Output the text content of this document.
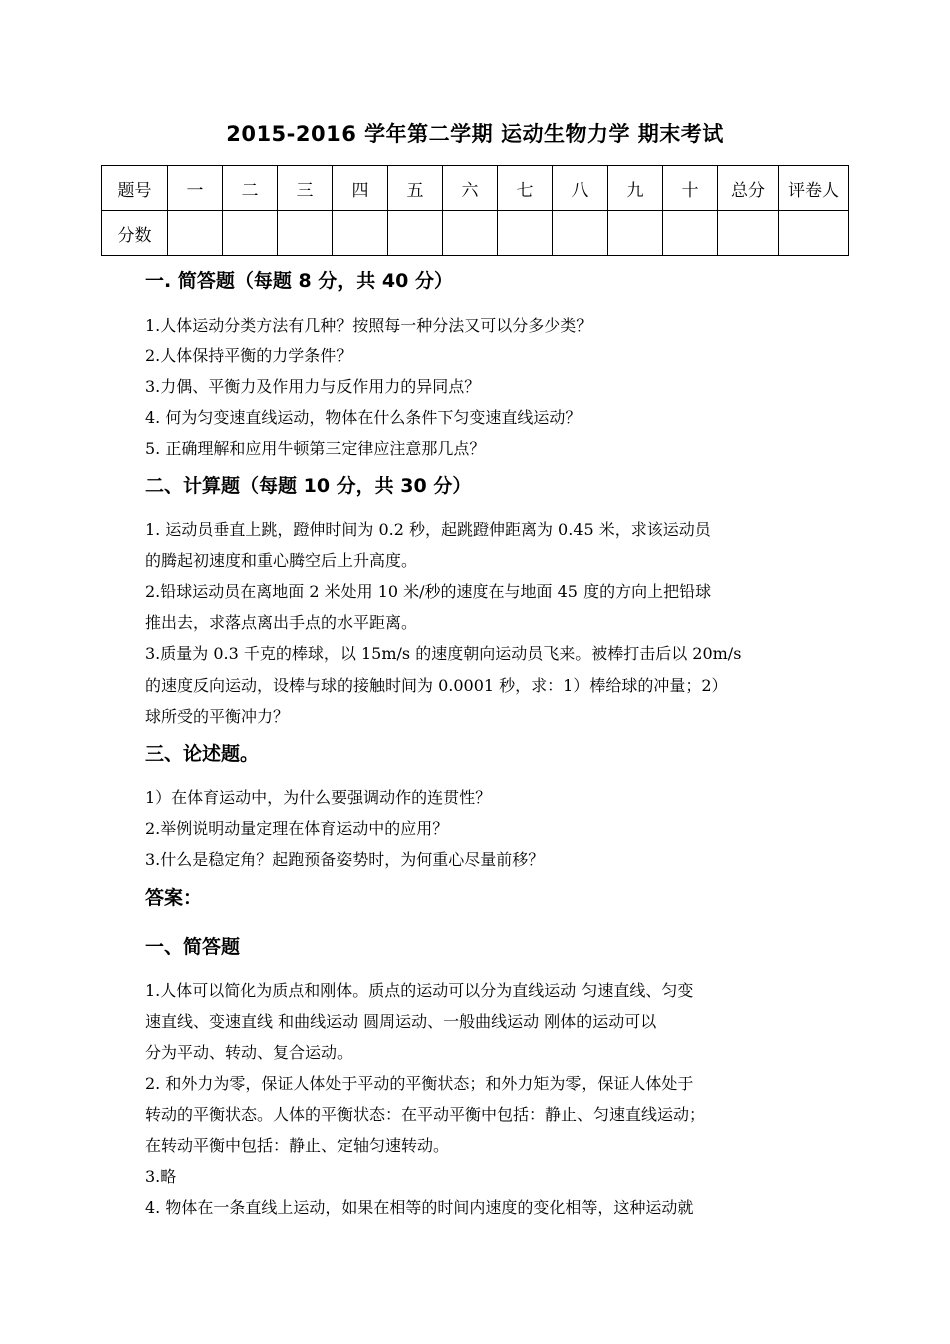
2015-2016 学年第二学期 运动生物力学 期末考试
题号	一	二	三	四	五	六	七	八	九	十	总分	评卷人
分数												
一. 简答题（每题 8 分，共 40 分）
1.人体运动分类方法有几种？按照每一种分法又可以分多少类？
2.人体保持平衡的力学条件？
3.力偶、平衡力及作用力与反作用力的异同点？
4. 何为匀变速直线运动，物体在什么条件下匀变速直线运动？
5. 正确理解和应用牛顿第三定律应注意那几点？
二、计算题（每题 10 分，共 30 分）
1. 运动员垂直上跳，蹬伸时间为 0.2 秒，起跳蹬伸距离为 0.45 米，求该运动员
的腾起初速度和重心腾空后上升高度。
2.铅球运动员在离地面 2 米处用 10 米/秒的速度在与地面 45 度的方向上把铅球
推出去，求落点离出手点的水平距离。
3.质量为 0.3 千克的棒球，以 15m/s 的速度朝向运动员飞来。被棒打击后以 20m/s
的速度反向运动，设棒与球的接触时间为 0.0001 秒，求：1）棒给球的冲量；2）
球所受的平衡冲力？
三、论述题。
1）在体育运动中，为什么要强调动作的连贯性？
2.举例说明动量定理在体育运动中的应用？
3.什么是稳定角？起跑预备姿势时，为何重心尽量前移？
答案：
一、简答题
1.人体可以简化为质点和刚体。质点的运动可以分为直线运动 匀速直线、匀变
速直线、变速直线 和曲线运动 圆周运动、一般曲线运动 刚体的运动可以
分为平动、转动、复合运动。
2. 和外力为零，保证人体处于平动的平衡状态；和外力矩为零，保证人体处于
转动的平衡状态。人体的平衡状态：在平动平衡中包括：静止、匀速直线运动；
在转动平衡中包括：静止、定轴匀速转动。
3.略
4. 物体在一条直线上运动，如果在相等的时间内速度的变化相等，这种运动就
